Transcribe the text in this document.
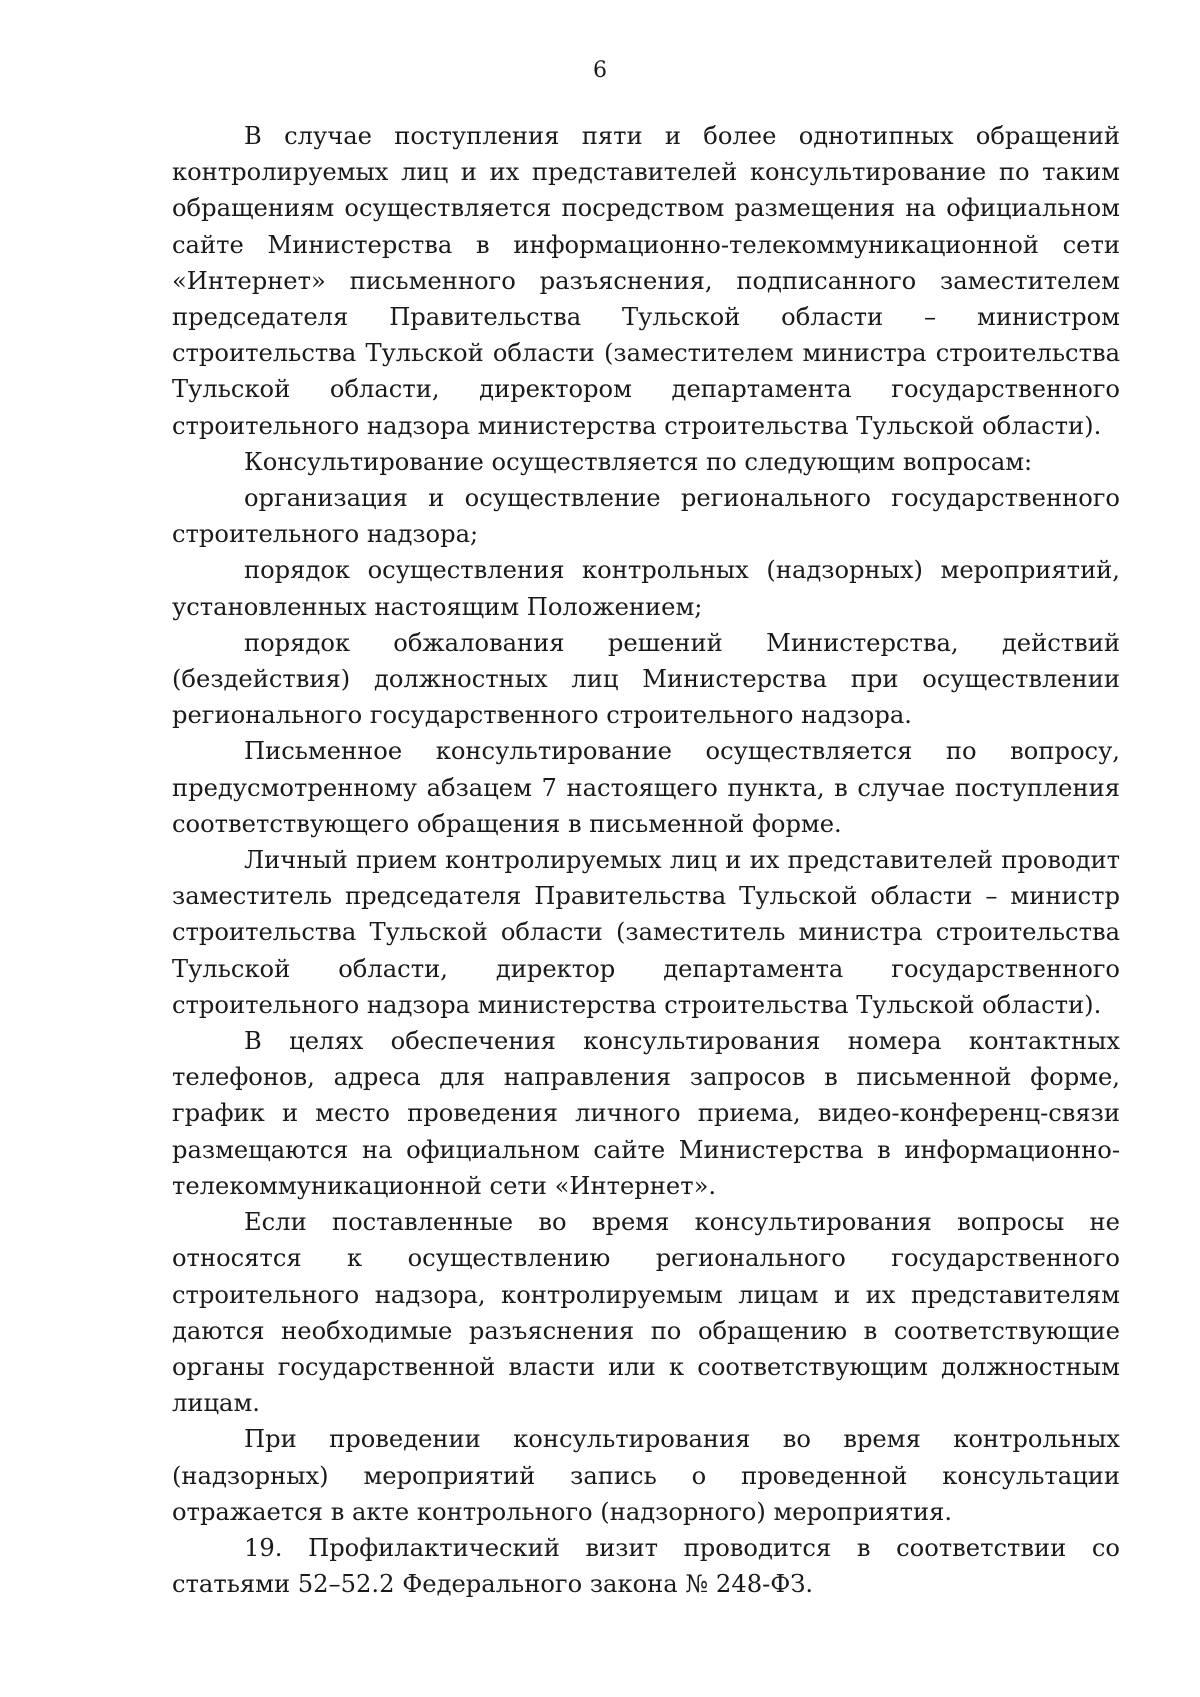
6

В случае поступления пяти и более однотипных обращений контролируемых лиц и их представителей консультирование по таким обращениям осуществляется посредством размещения на официальном сайте Министерства в информационно-телекоммуникационной сети «Интернет» письменного разъяснения, подписанного заместителем председателя Правительства Тульской области – министром строительства Тульской области (заместителем министра строительства Тульской области, директором департамента государственного строительного надзора министерства строительства Тульской области).

Консультирование осуществляется по следующим вопросам:

организация и осуществление регионального государственного строительного надзора;

порядок осуществления контрольных (надзорных) мероприятий, установленных настоящим Положением;

порядок обжалования решений Министерства, действий (бездействия) должностных лиц Министерства при осуществлении регионального государственного строительного надзора.

Письменное консультирование осуществляется по вопросу, предусмотренному абзацем 7 настоящего пункта, в случае поступления соответствующего обращения в письменной форме.

Личный прием контролируемых лиц и их представителей проводит заместитель председателя Правительства Тульской области – министр строительства Тульской области (заместитель министра строительства Тульской области, директор департамента государственного строительного надзора министерства строительства Тульской области).

В целях обеспечения консультирования номера контактных телефонов, адреса для направления запросов в письменной форме, график и место проведения личного приема, видео-конференц-связи размещаются на официальном сайте Министерства в информационно-телекоммуникационной сети «Интернет».

Если поставленные во время консультирования вопросы не относятся к осуществлению регионального государственного строительного надзора, контролируемым лицам и их представителям даются необходимые разъяснения по обращению в соответствующие органы государственной власти или к соответствующим должностным лицам.

При проведении консультирования во время контрольных (надзорных) мероприятий запись о проведенной консультации отражается в акте контрольного (надзорного) мероприятия.

19. Профилактический визит проводится в соответствии со статьями 52–52.2 Федерального закона № 248-ФЗ.
